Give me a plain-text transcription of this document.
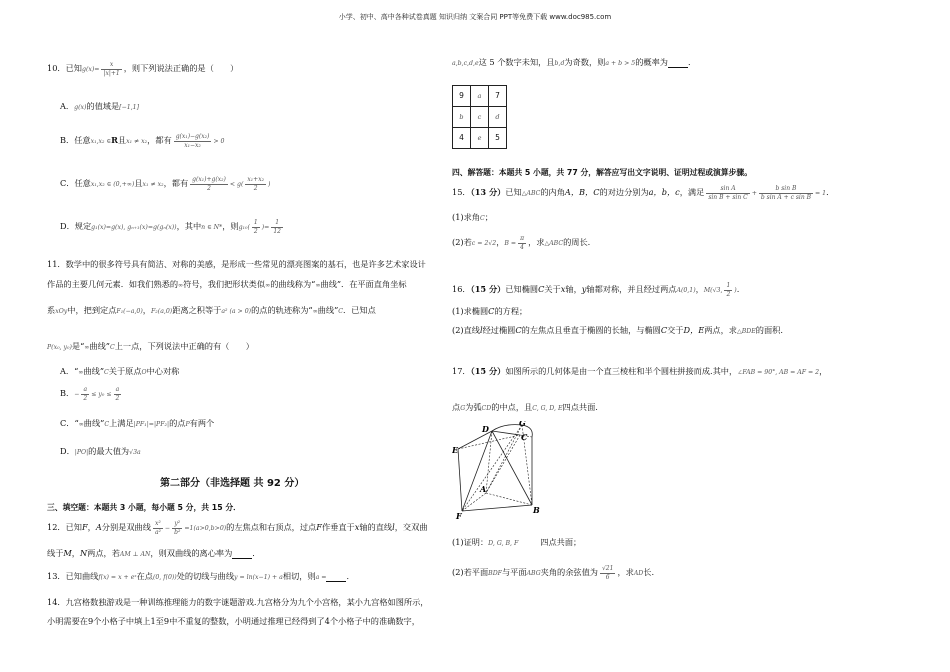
小学、初中、高中各种试卷真题 知识归纳 文案合同 PPT等免费下载 www.doc985.com
10．已知$g(x)= \frac{x}{|x|+1}$ ，则下列说法正确的是（　　）
A．g(x)的值域是[−1,1]
B．任意x₁,x₂ ∈R且x₁ ≠ x₂，都有 $\frac{\text{g(x₁)−g(x₂)}}{\text{x₁−x₂}} > 0$
C．任意x₁,x₂ ∈ (0,+∞)且x₁ ≠ x₂，都有 $\frac{\text{g(x₁)+g(x₂)}}{2} < g( \frac{\text{x₁+x₂}}{2}$ )
D．规定g₁(x)=g(x), gₙ₊₁(x)=g(gₙ(x))，其中n ∈ N*，则$g_{10}( \frac{1}{2}$ )= $\frac{1}{12}$
11．数学中的很多符号具有简洁、对称的美感，是形成一些常见的漂亮图案的基石，也是许多艺术家设计
作品的主要几何元素．如我们熟悉的∞符号，我们把形状类似∞的曲线称为“∞曲线”．在平面直角坐标
系xOy中，把到定点F₁(−a,0)，F₂(a,0)距离之积等于a² (a > 0)的点的轨迹称为“∞曲线”C．已知点
P(x₀, y₀)是“∞曲线”C上一点，下列说法中正确的有（　　）
A．“∞曲线”C关于原点O中心对称
B．− $\frac{a}{2} \le y_0 \le \frac{a}{2}$
C．“∞曲线”C上满足|PF₁|=|PF₂|的点P有两个
D．|PO|的最大值为√3a
第二部分（非选择题 共 92 分）
三、填空题：本题共 3 小题，每小题 5 分，共 15 分．
12．已知F，A分别是双曲线 $\frac{\text{x²}}{\text{a²}} - \frac{\text{y²}}{\text{b²}} =1(a>0,b>0)$的左焦点和右顶点，过点F作垂直于x轴的直线l，交双曲
线于M，N两点，若AM ⊥ AN，则双曲线的离心率为 ．
13．已知曲线f(x) = x + eˣ在点(0, f(0))处的切线与曲线y = ln(x−1) + a相切，则a = ．
14．九宫格数独游戏是一种训练推理能力的数字谜题游戏.九宫格分为九个小宫格，某小九宫格如图所示，
小明需要在9个小格子中填上1至9中不重复的整数，小明通过推理已经得到了4个小格子中的准确数字，
a,b,c,d,e这 5 个数字未知，且b,d为奇数，则a + b > 5的概率为 ．
9	a	7
b	c	d
4	e	5
四、解答题：本题共 5 小题，共 77 分，解答应写出文字说明、证明过程或演算步骤。
15．（13 分）已知△ABC的内角A，B，C的对边分别为a，b，c，满足 $\frac{\text{sin A}}{\text{sin B + sin C}} + \frac{\text{b sin B}}{\text{b sin A + c sin B}} = 1$．
(1)求角C；
(2)若c = 2√2，$B = \frac{\pi}{4}$ ，求△ABC的周长.
16．（15 分）已知椭圆C关于x轴，y轴都对称，并且经过两点A(0,1)，M(√3, $\frac{1}{2}$ ).
(1)求椭圆C的方程；
(2)直线l经过椭圆C的左焦点且垂直于椭圆的长轴，与椭圆C交于D，E两点，求△BDE的面积.
17．（15 分）如图所示的几何体是由一个直三棱柱和半个圆柱拼接而成.其中，∠FAB = 90°, AB = AF = 2，
点G为弧CD的中点，且C, G, D, E四点共面.
D
G
C
E
A
B
F
(1)证明：D, G, B, F	四点共面；
(2)若平面BDF与平面ABG夹角的余弦值为 $\frac{√21}{6}$ ，求AD长.
